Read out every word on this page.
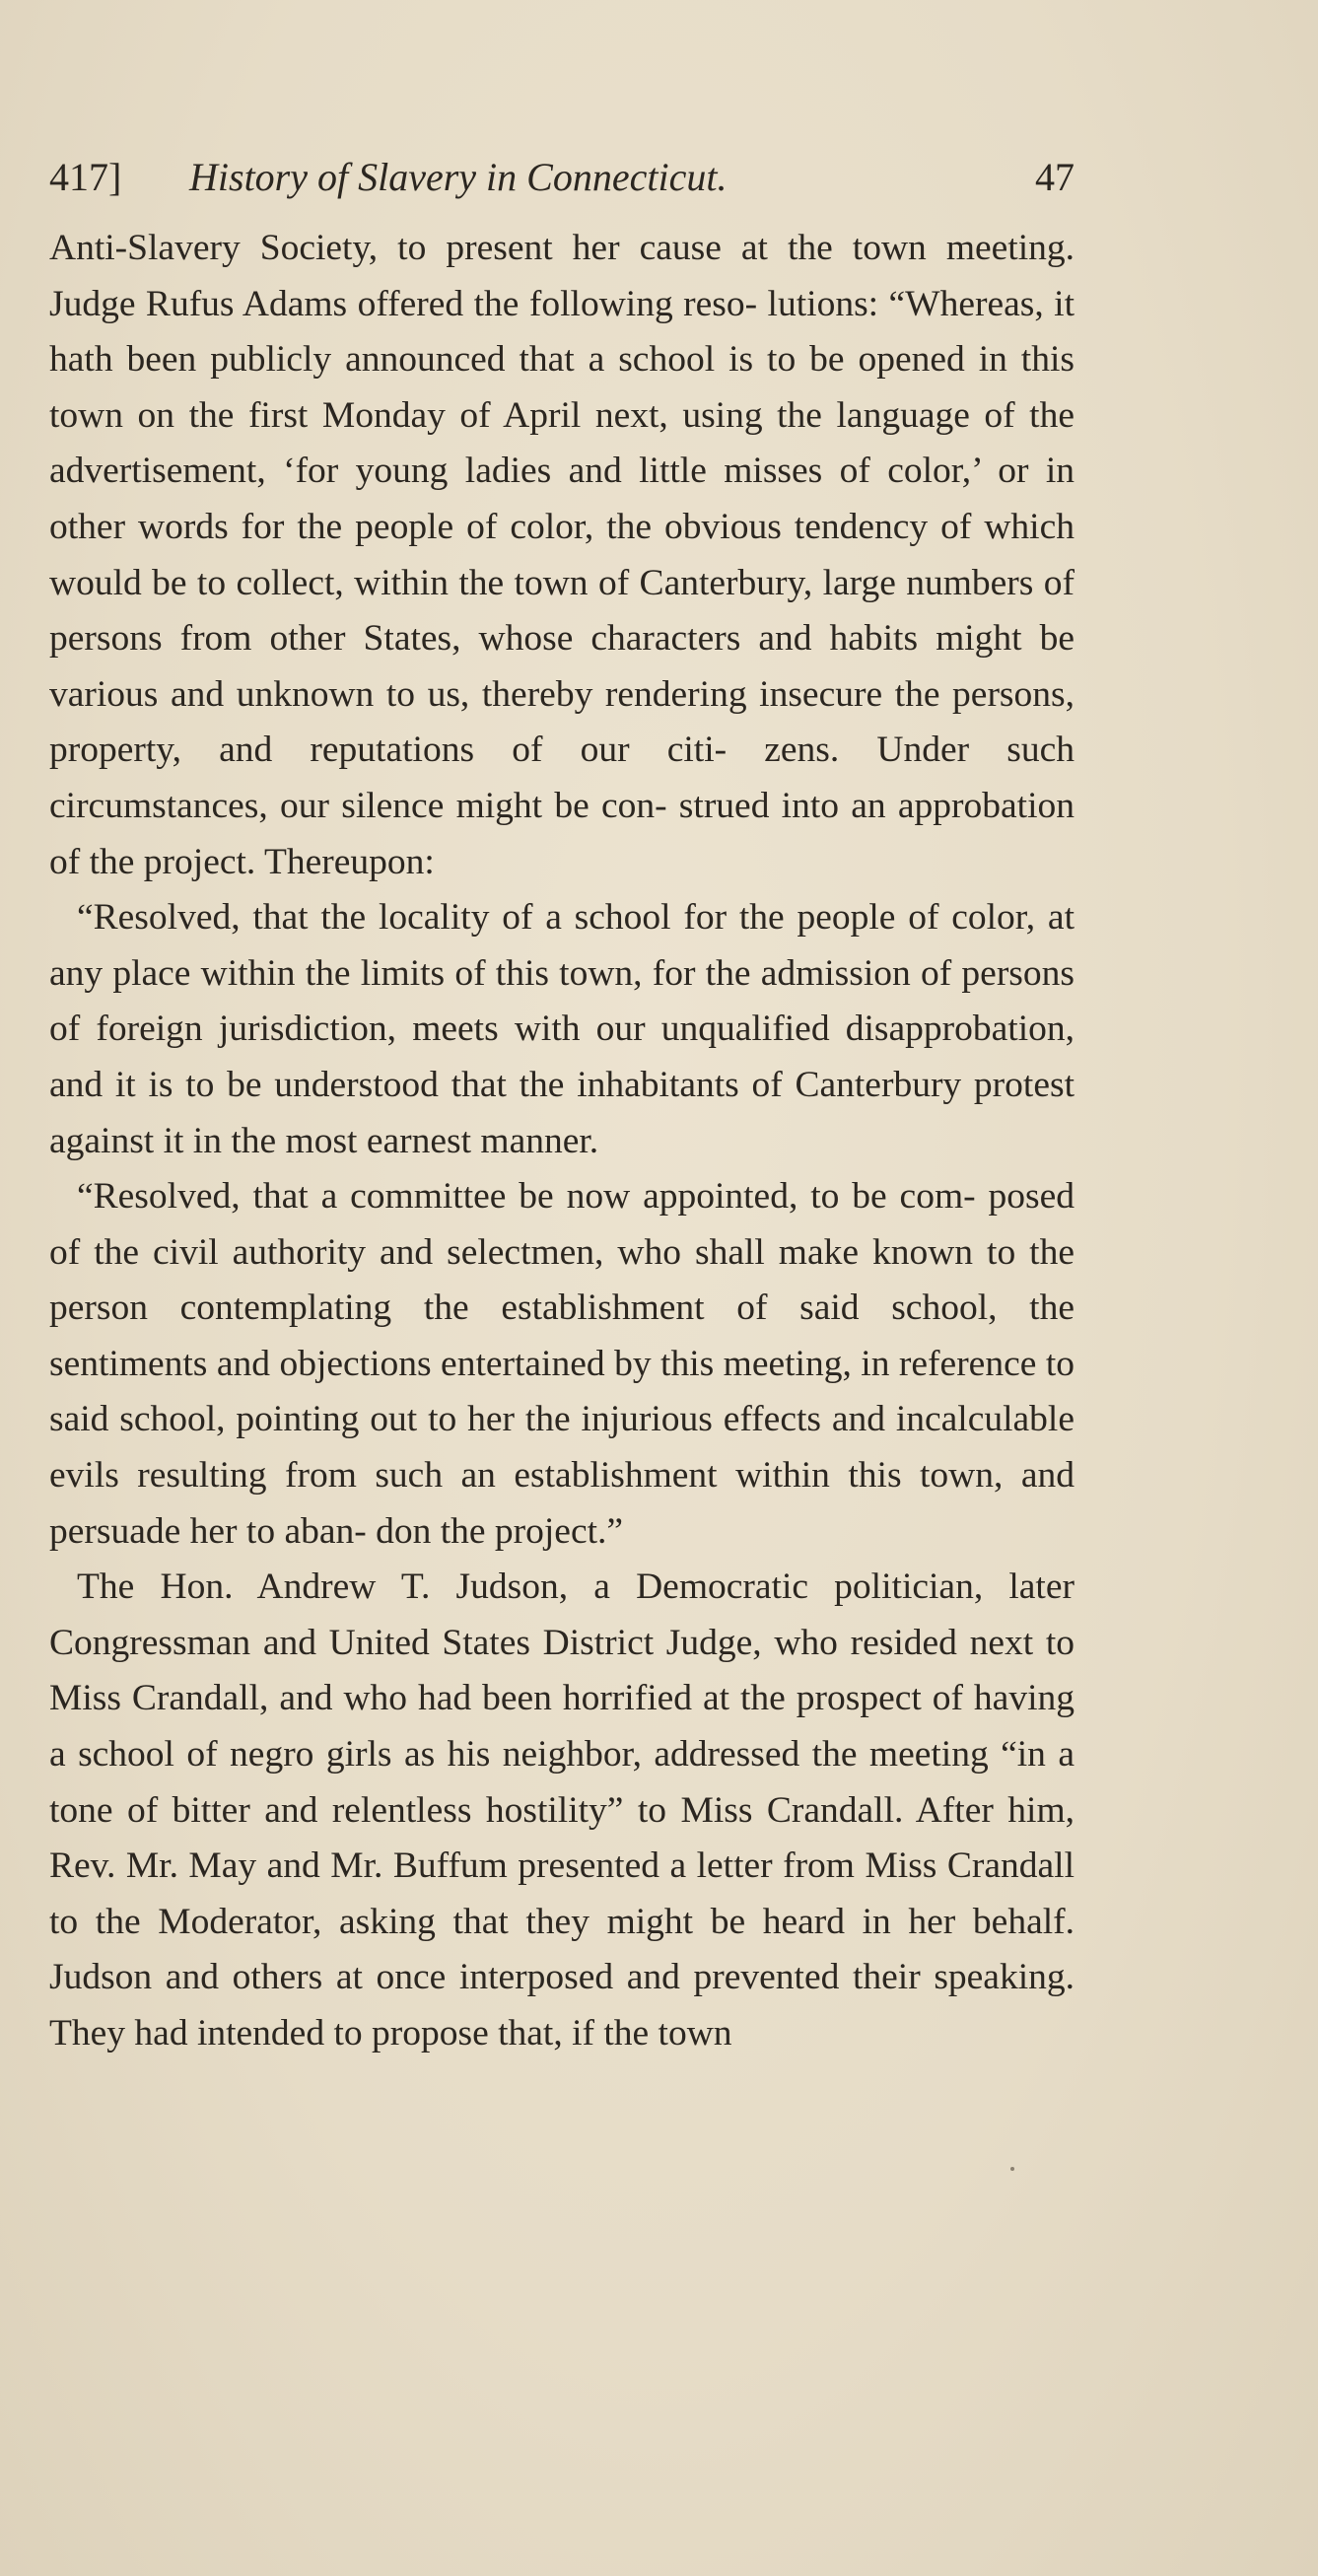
417] History of Slavery in Connecticut.	47

Anti-Slavery Society, to present her cause at the town meeting. Judge Rufus Adams offered the following reso- lutions: “Whereas, it hath been publicly announced that a school is to be opened in this town on the first Monday of April next, using the language of the advertisement, ‘for young ladies and little misses of color,’ or in other words for the people of color, the obvious tendency of which would be to collect, within the town of Canterbury, large numbers of persons from other States, whose characters and habits might be various and unknown to us, thereby rendering insecure the persons, property, and reputations of our citi- zens. Under such circumstances, our silence might be con- strued into an approbation of the project. Thereupon:

“Resolved, that the locality of a school for the people of color, at any place within the limits of this town, for the admission of persons of foreign jurisdiction, meets with our unqualified disapprobation, and it is to be understood that the inhabitants of Canterbury protest against it in the most earnest manner.

“Resolved, that a committee be now appointed, to be com- posed of the civil authority and selectmen, who shall make known to the person contemplating the establishment of said school, the sentiments and objections entertained by this meeting, in reference to said school, pointing out to her the injurious effects and incalculable evils resulting from such an establishment within this town, and persuade her to aban- don the project.”

The Hon. Andrew T. Judson, a Democratic politician, later Congressman and United States District Judge, who resided next to Miss Crandall, and who had been horrified at the prospect of having a school of negro girls as his neighbor, addressed the meeting “in a tone of bitter and relentless hostility” to Miss Crandall. After him, Rev. Mr. May and Mr. Buffum presented a letter from Miss Crandall to the Moderator, asking that they might be heard in her behalf. Judson and others at once interposed and prevented their speaking. They had intended to propose that, if the town
